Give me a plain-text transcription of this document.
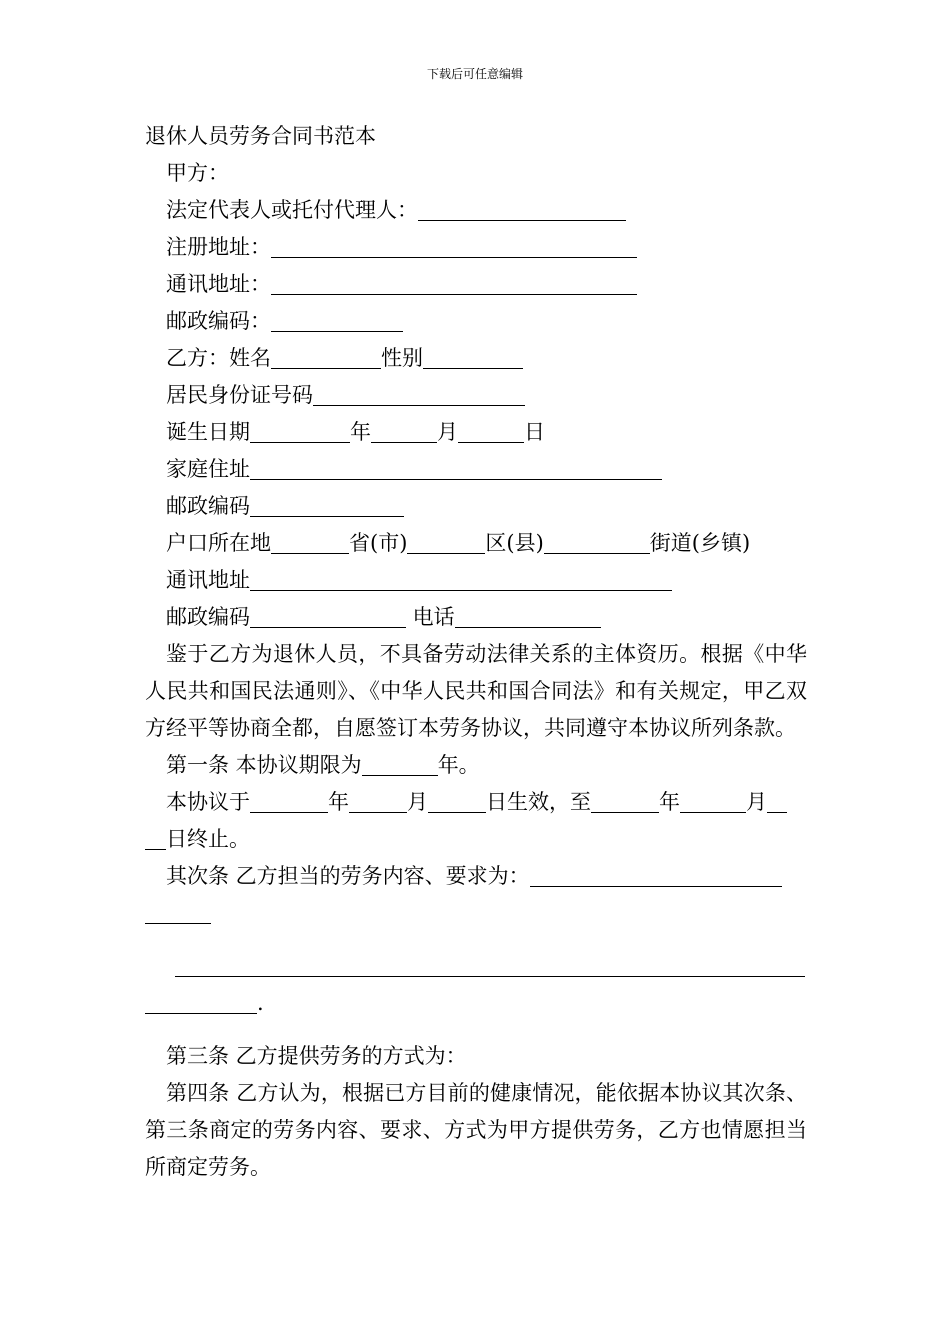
下载后可任意编辑
退休人员劳务合同书范本
甲方：
法定代表人或托付代理人：
注册地址：
通讯地址：
邮政编码：
乙方：姓名	性别
居民身份证号码
诞生日期	年	月	日
家庭住址
邮政编码
户口所在地	省(市)	区(县)	街道(乡镇)
通讯地址
邮政编码	电话
鉴于乙方为退休人员，不具备劳动法律关系的主体资历。根据《中华人民共和国民法通则》、《中华人民共和国合同法》和有关规定，甲乙双方经平等协商全都，自愿签订本劳务协议，共同遵守本协议所列条款。
第一条 本协议期限为	年。
本协议于	年	月	日生效，至	年	月
日终止。
其次条 乙方担当的劳务内容、要求为：
.
第三条 乙方提供劳务的方式为：
第四条 乙方认为，根据已方目前的健康情况，能依据本协议其次条、第三条商定的劳务内容、要求、方式为甲方提供劳务，乙方也情愿担当所商定劳务。
